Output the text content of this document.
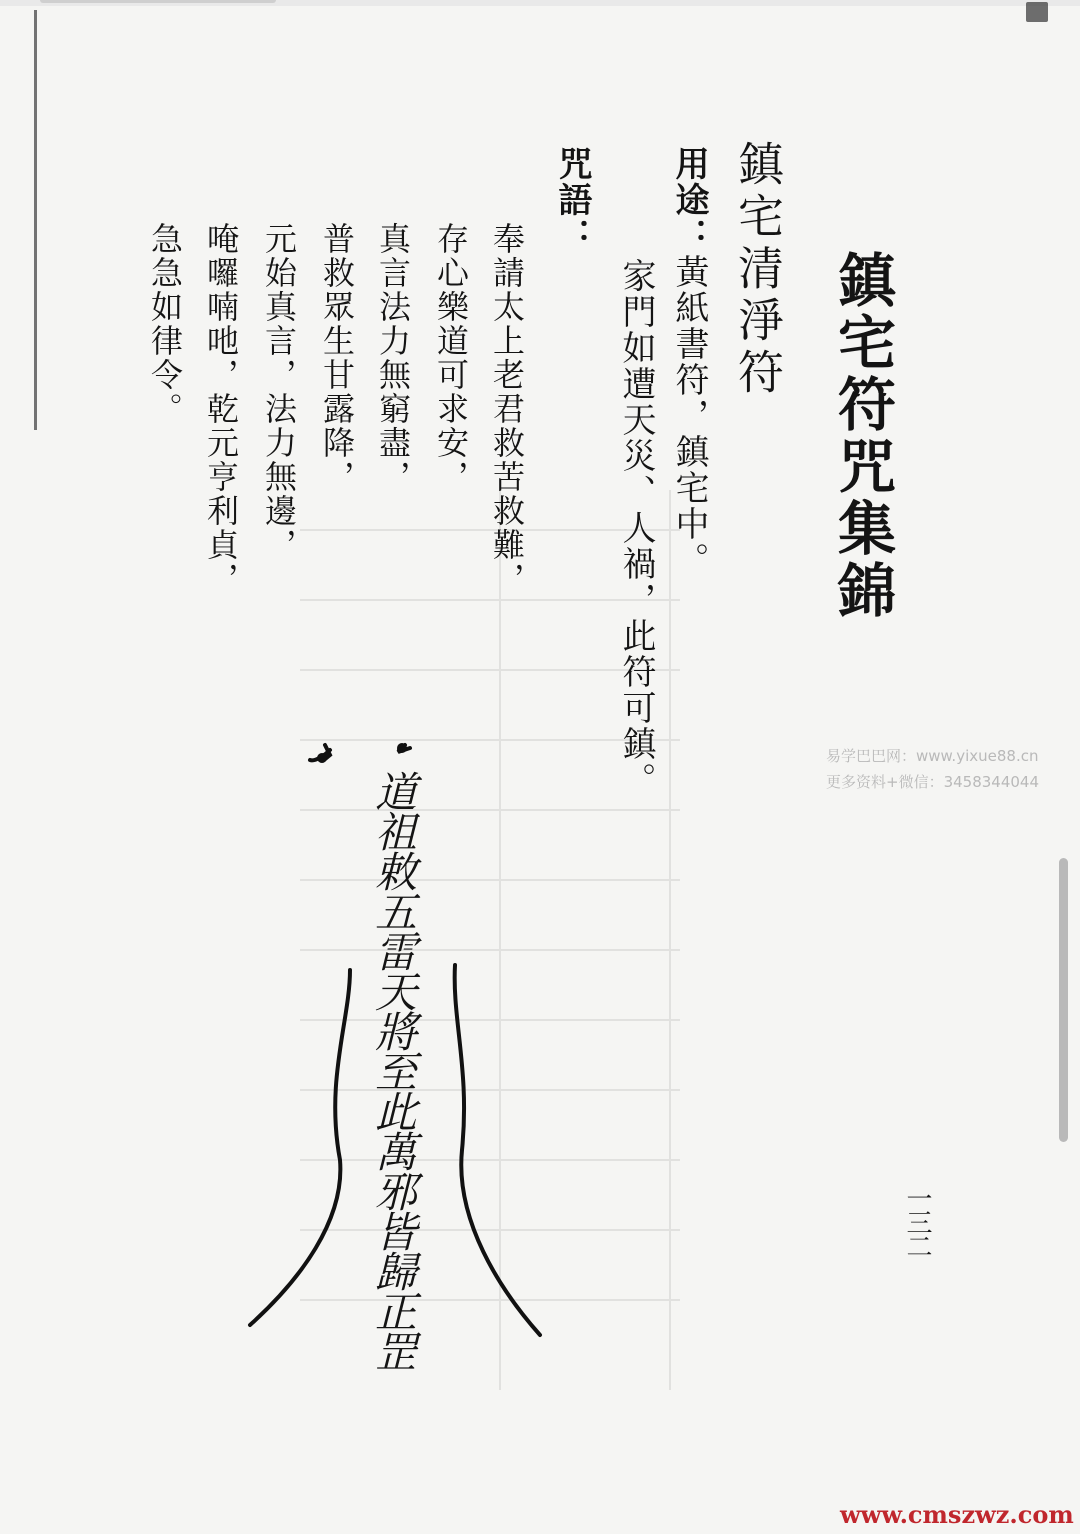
鎮宅符咒集錦
鎮宅清淨符
用途：黃紙書符，鎮宅中。
家門如遭天災、人禍，此符可鎮。
咒語：
奉請太上老君救苦救難，
存心樂道可求安，
真言法力無窮盡，
普救眾生甘露降，
元始真言，法力無邊，
唵囉喃吔，乾元亨利貞，
急急如律令。
道祖敕五雷天將至此萬邪皆歸正罡
易学巴巴网：www.yixue88.cn
更多资料+微信：3458344044
一三二
www.cmszwz.com
